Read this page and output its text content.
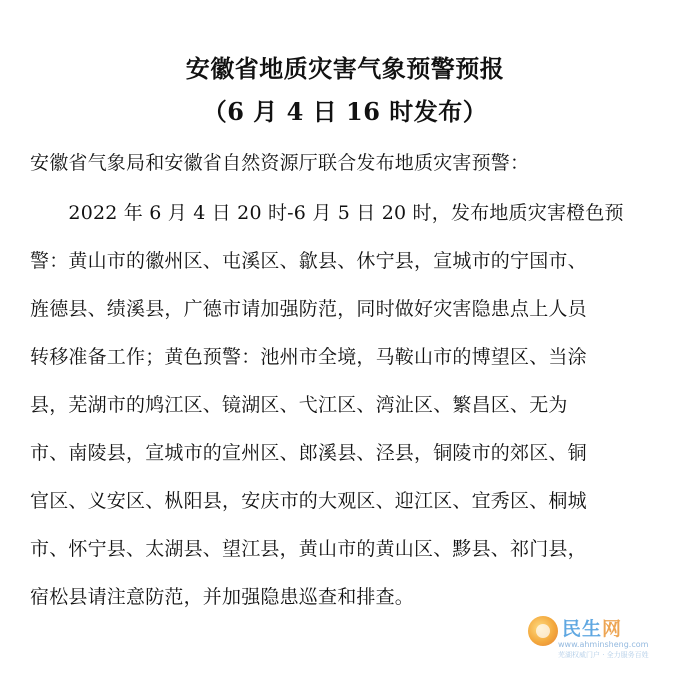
安徽省地质灾害气象预警预报
（6 月 4 日 16 时发布）
安徽省气象局和安徽省自然资源厅联合发布地质灾害预警：
　　2022 年 6 月 4 日 20 时-6 月 5 日 20 时，发布地质灾害橙色预
警：黄山市的徽州区、屯溪区、歙县、休宁县，宣城市的宁国市、
旌德县、绩溪县，广德市请加强防范，同时做好灾害隐患点上人员
转移准备工作；黄色预警：池州市全境，马鞍山市的博望区、当涂
县，芜湖市的鸠江区、镜湖区、弋江区、湾沚区、繁昌区、无为
市、南陵县，宣城市的宣州区、郎溪县、泾县，铜陵市的郊区、铜
官区、义安区、枞阳县，安庆市的大观区、迎江区、宜秀区、桐城
市、怀宁县、太湖县、望江县，黄山市的黄山区、黟县、祁门县，
宿松县请注意防范，并加强隐患巡查和排查。
民生网
www.ahminsheng.com
芜湖权威门户 · 全力服务百姓
